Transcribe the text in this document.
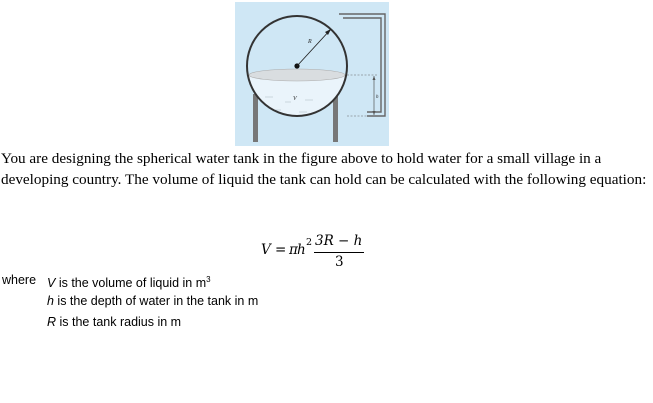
R
V	h

You are designing the spherical water tank in the figure above to hold water for a small village in a developing country. The volume of liquid the tank can hold can be calculated with the following equation:

V = π h 2 3R − h
3
where V is the volume of liquid in $m^3$
h is the depth of water in the tank in m
R is the tank radius in m
